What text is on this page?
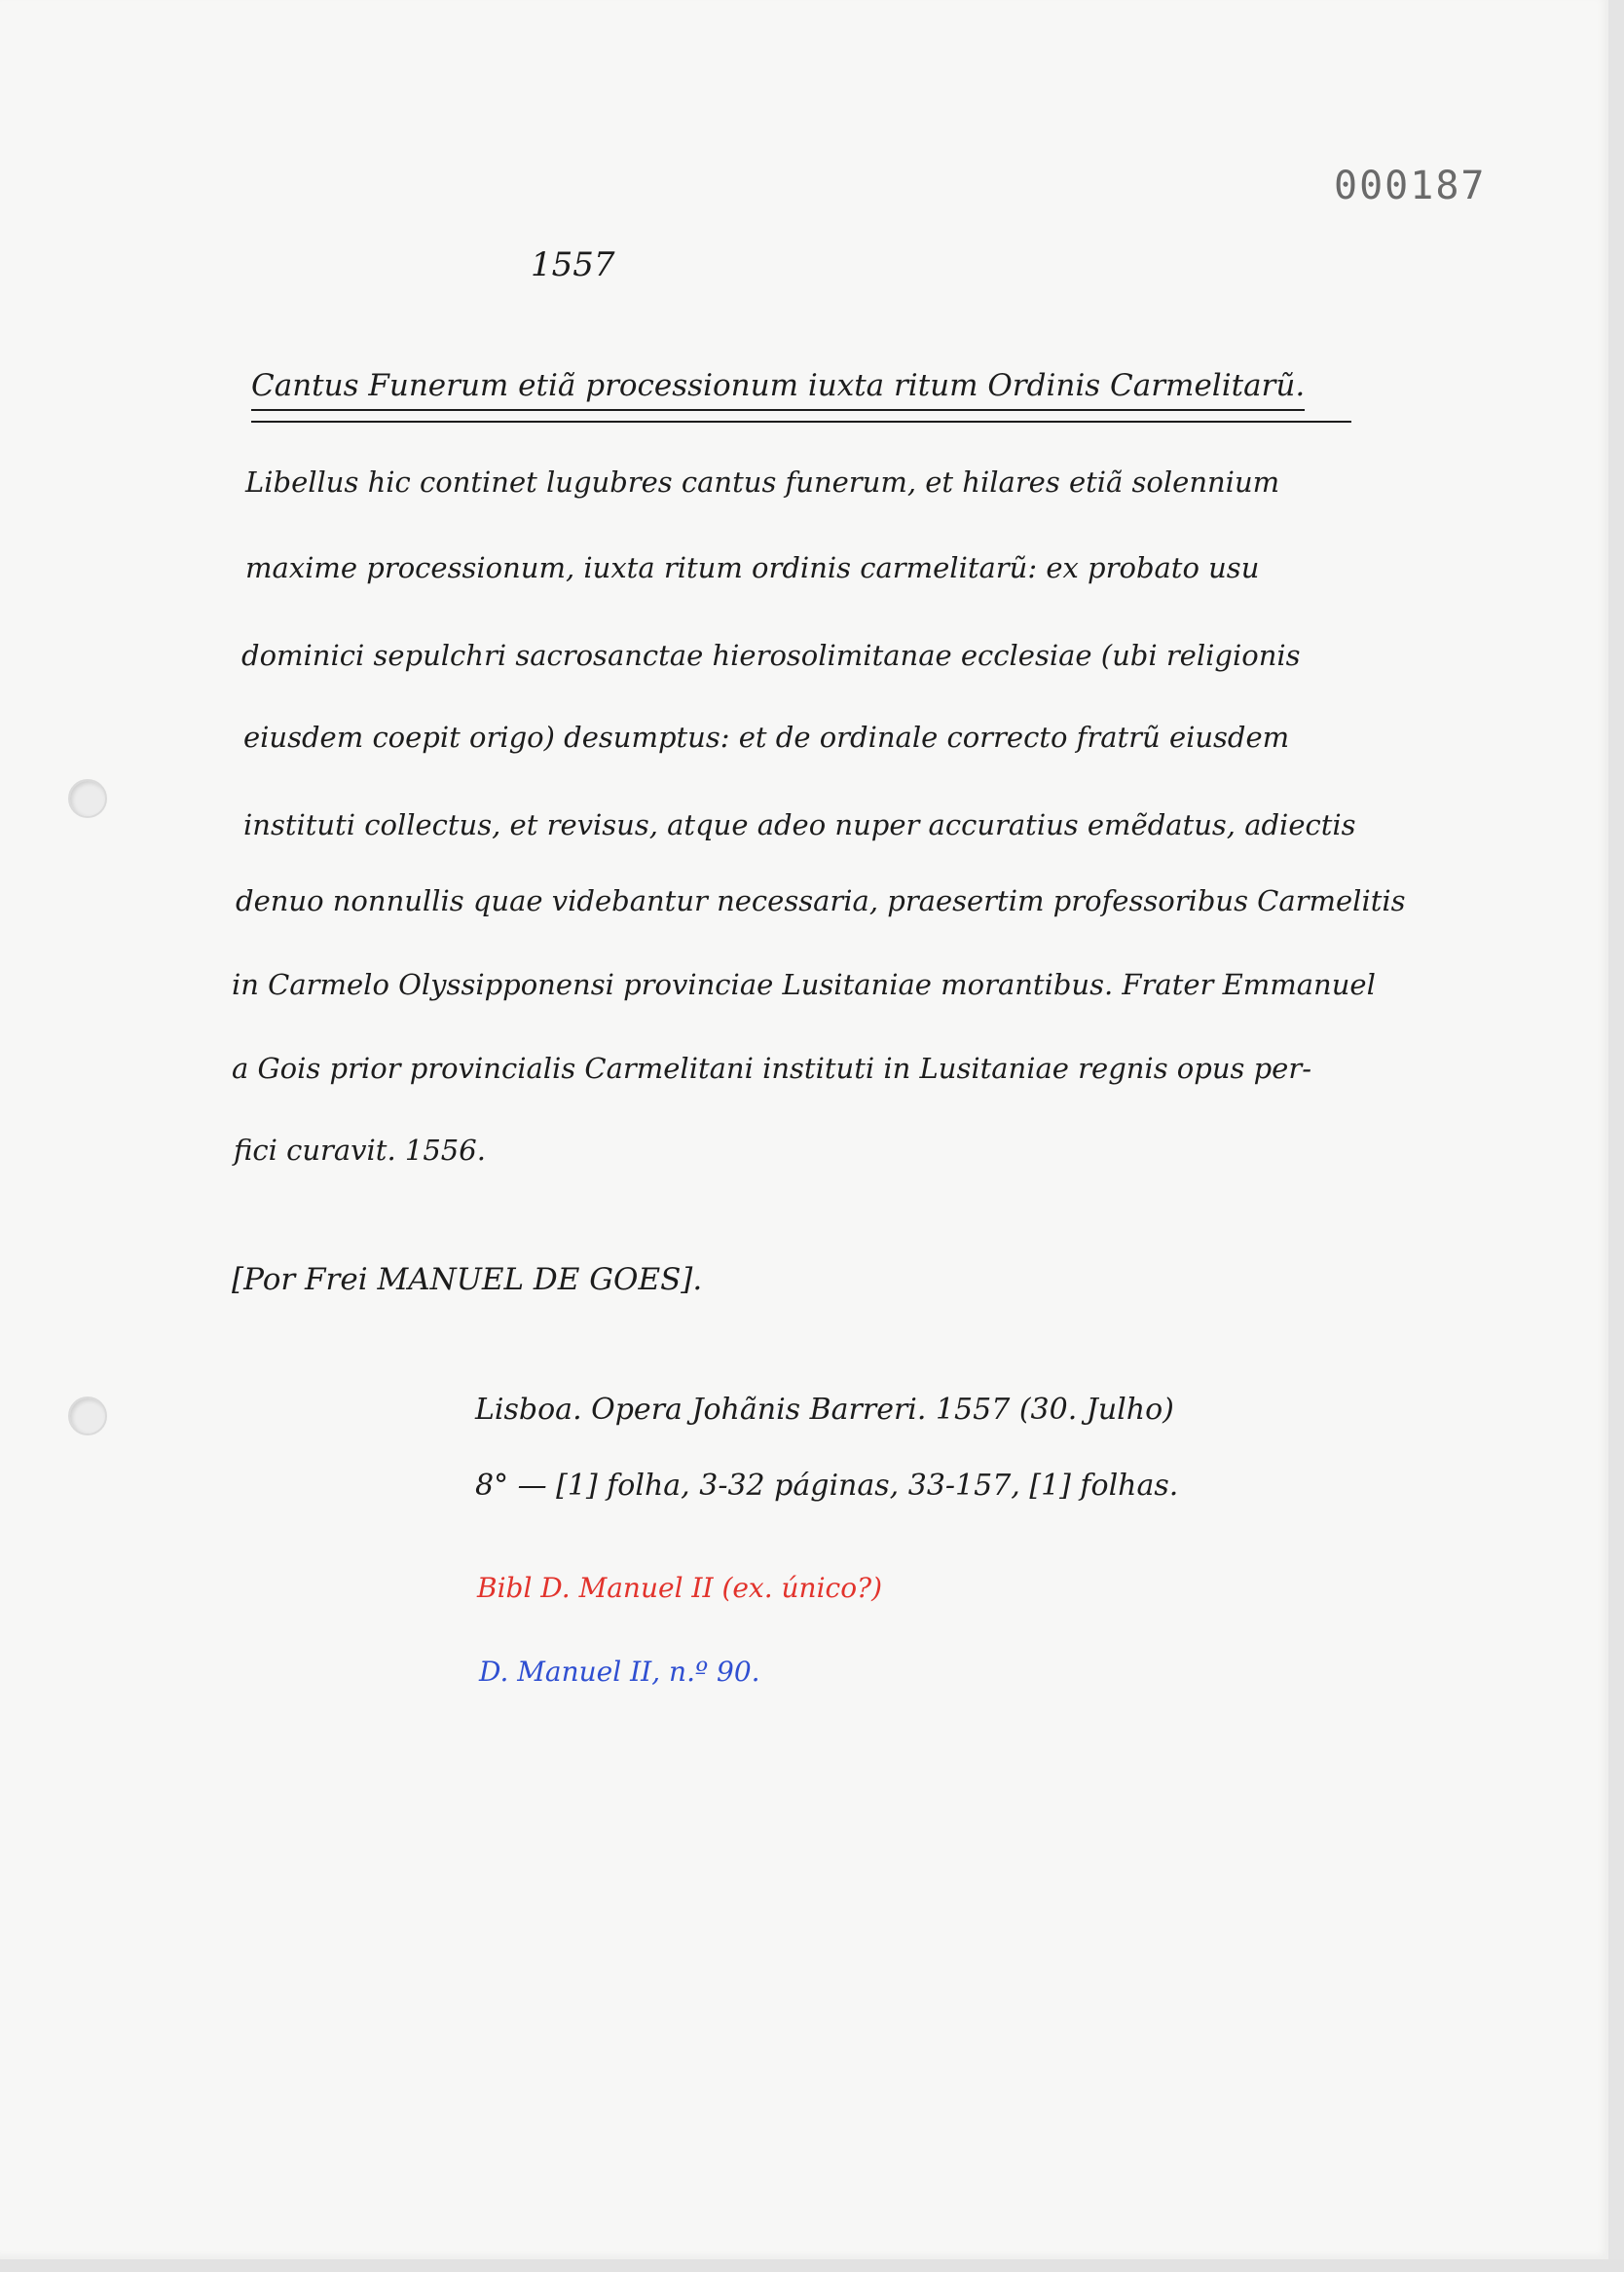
000187
1557
Cantus Funerum etiã processionum iuxta ritum Ordinis Carmelitarũ.
Libellus hic continet lugubres cantus funerum, et hilares etiã solennium
maxime processionum, iuxta ritum ordinis carmelitarũ: ex probato usu
dominici sepulchri sacrosanctae hierosolimitanae ecclesiae (ubi religionis
eiusdem coepit origo) desumptus: et de ordinale correcto fratrũ eiusdem
instituti collectus, et revisus, atque adeo nuper accuratius emẽdatus, adiectis
denuo nonnullis quae videbantur necessaria, praesertim professoribus Carmelitis
in Carmelo Olyssipponensi provinciae Lusitaniae morantibus. Frater Emmanuel
a Gois prior provincialis Carmelitani instituti in Lusitaniae regnis opus per-
fici curavit. 1556.
[Por Frei MANUEL DE GOES].
Lisboa. Opera Johãnis Barreri. 1557 (30. Julho)
8° — [1] folha, 3-32 páginas, 33-157, [1] folhas.
Bibl D. Manuel II (ex. único?)
D. Manuel II, n.º 90.
